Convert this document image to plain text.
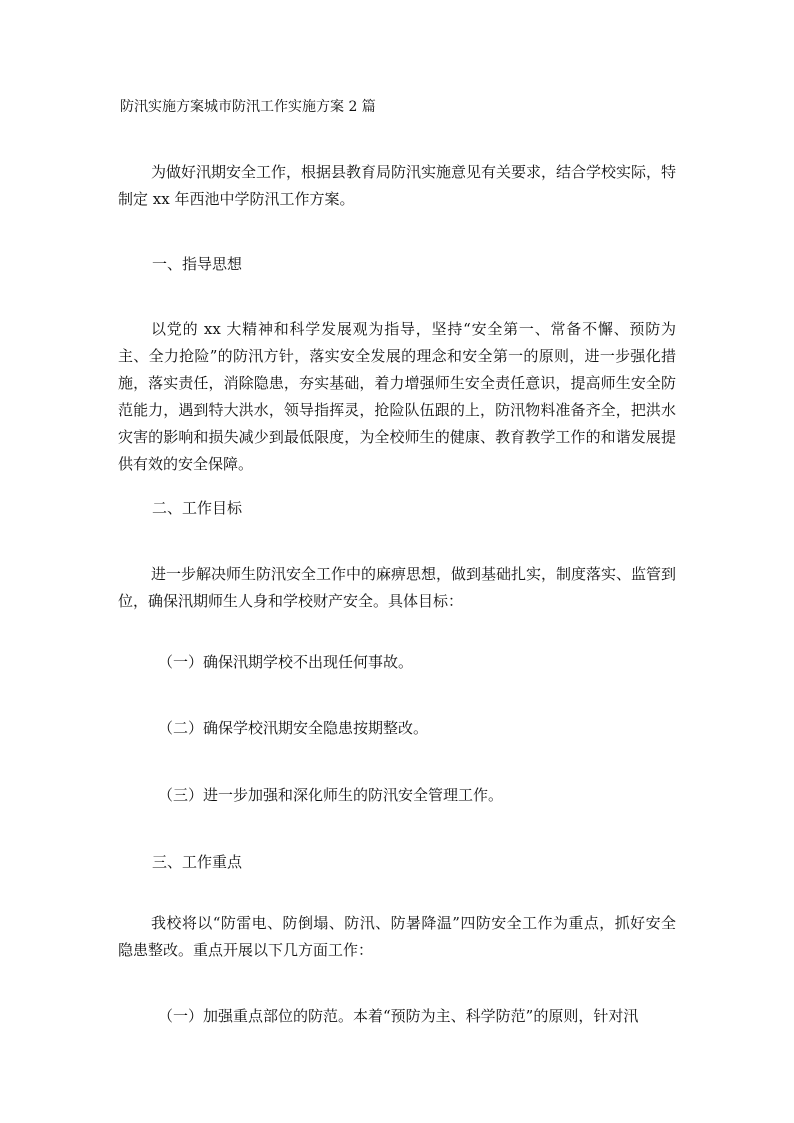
防汛实施方案城市防汛工作实施方案 2 篇

为做好汛期安全工作，根据县教育局防汛实施意见有关要求，结合学校实际，特制定 xx 年西池中学防汛工作方案。

一、指导思想

以党的 xx 大精神和科学发展观为指导，坚持“安全第一、常备不懈、预防为主、全力抢险”的防汛方针，落实安全发展的理念和安全第一的原则，进一步强化措施，落实责任，消除隐患，夯实基础，着力增强师生安全责任意识，提高师生安全防范能力，遇到特大洪水，领导指挥灵，抢险队伍跟的上，防汛物料准备齐全，把洪水灾害的影响和损失减少到最低限度，为全校师生的健康、教育教学工作的和谐发展提供有效的安全保障。

二、工作目标

进一步解决师生防汛安全工作中的麻痹思想，做到基础扎实，制度落实、监管到位，确保汛期师生人身和学校财产安全。具体目标：

（一）确保汛期学校不出现任何事故。
（二）确保学校汛期安全隐患按期整改。
（三）进一步加强和深化师生的防汛安全管理工作。
三、工作重点

我校将以“防雷电、防倒塌、防汛、防暑降温”四防安全工作为重点，抓好安全隐患整改。重点开展以下几方面工作：

（一）加强重点部位的防范。本着“预防为主、科学防范”的原则，针对汛
